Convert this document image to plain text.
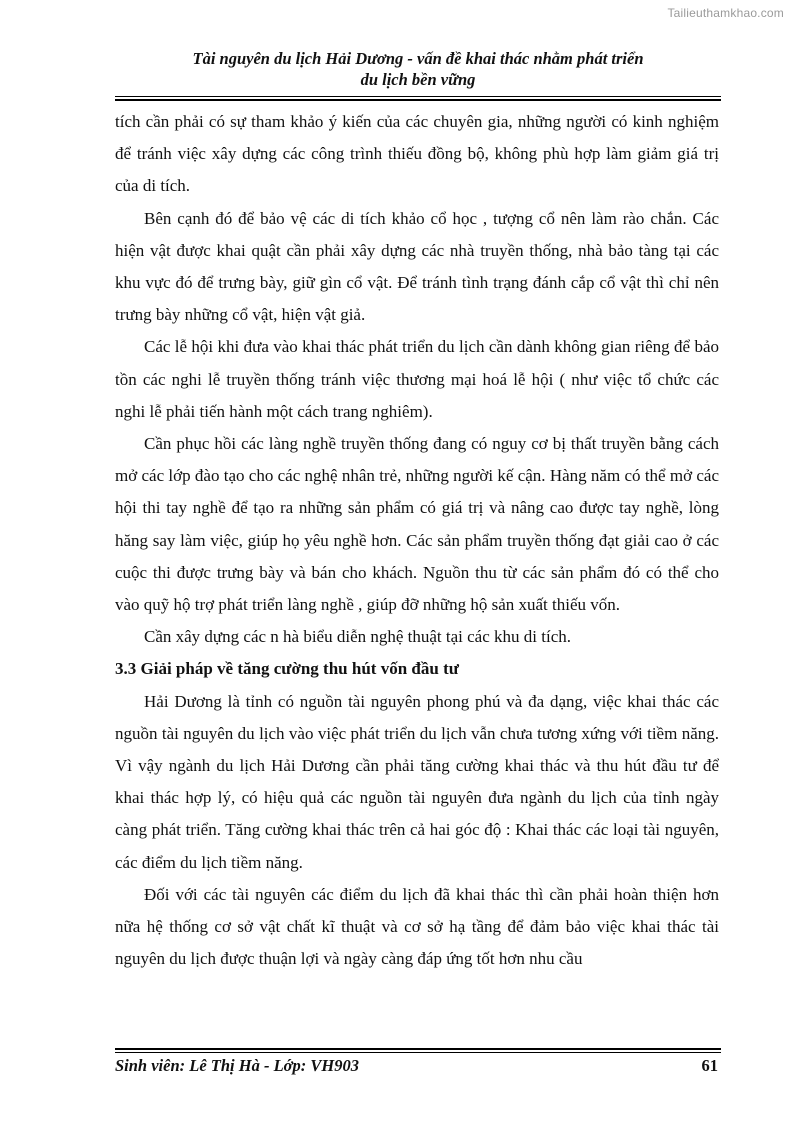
Tailieuthamkhao.com
Tài nguyên du lịch Hải Dương - vấn đề khai thác nhằm phát triển
du lịch bền vững

tích cần phải có sự tham khảo ý kiến của các chuyên gia, những người có kinh nghiệm để tránh việc xây dựng các công trình thiếu đồng bộ, không phù hợp làm giảm giá trị của di tích.

Bên cạnh đó để bảo vệ các di tích khảo cổ học , tượng cổ nên làm rào chắn. Các hiện vật được khai quật cần phải xây dựng các nhà truyền thống, nhà bảo tàng tại các khu vực đó để trưng bày, giữ gìn cổ vật. Để tránh tình trạng đánh cắp cổ vật thì chỉ nên trưng bày những cổ vật, hiện vật giả.

Các lễ hội khi đưa vào khai thác phát triển du lịch cần dành không gian riêng để bảo tồn các nghi lễ truyền thống tránh việc thương mại hoá lễ hội ( như việc tổ chức các nghi lễ phải tiến hành một cách trang nghiêm).

Cần phục hồi các làng nghề truyền thống đang có nguy cơ bị thất truyền bằng cách mở các lớp đào tạo cho các nghệ nhân trẻ, những người kế cận. Hàng năm có thể mở các hội thi tay nghề để tạo ra những sản phẩm có giá trị và nâng cao được tay nghề, lòng hăng say làm việc, giúp họ yêu nghề hơn. Các sản phẩm truyền thống đạt giải cao ở các cuộc thi được trưng bày và bán cho khách. Nguồn thu từ các sản phẩm đó có thể cho vào quỹ hộ trợ phát triển làng nghề , giúp đỡ những hộ sản xuất thiếu vốn.

Cần xây dựng các n hà biểu diễn nghệ thuật tại các khu di tích.

3.3 Giải pháp về tăng cường thu hút vốn đầu tư

Hải Dương là tỉnh có nguồn tài nguyên phong phú và đa dạng, việc khai thác các nguồn tài nguyên du lịch vào việc phát triển du lịch vẫn chưa tương xứng với tiềm năng. Vì vậy ngành du lịch Hải Dương cần phải tăng cường khai thác và thu hút đầu tư để khai thác hợp lý, có hiệu quả các nguồn tài nguyên đưa ngành du lịch của tỉnh ngày càng phát triển. Tăng cường khai thác trên cả hai góc độ : Khai thác các loại tài nguyên, các điểm du lịch tiềm năng.

Đối với các tài nguyên các điểm du lịch đã khai thác thì cần phải hoàn thiện hơn nữa hệ thống cơ sở vật chất kĩ thuật và cơ sở hạ tầng để đảm bảo việc khai thác tài nguyên du lịch được thuận lợi và ngày càng đáp ứng tốt hơn nhu cầu

Sinh viên: Lê Thị Hà - Lớp: VH903	61
